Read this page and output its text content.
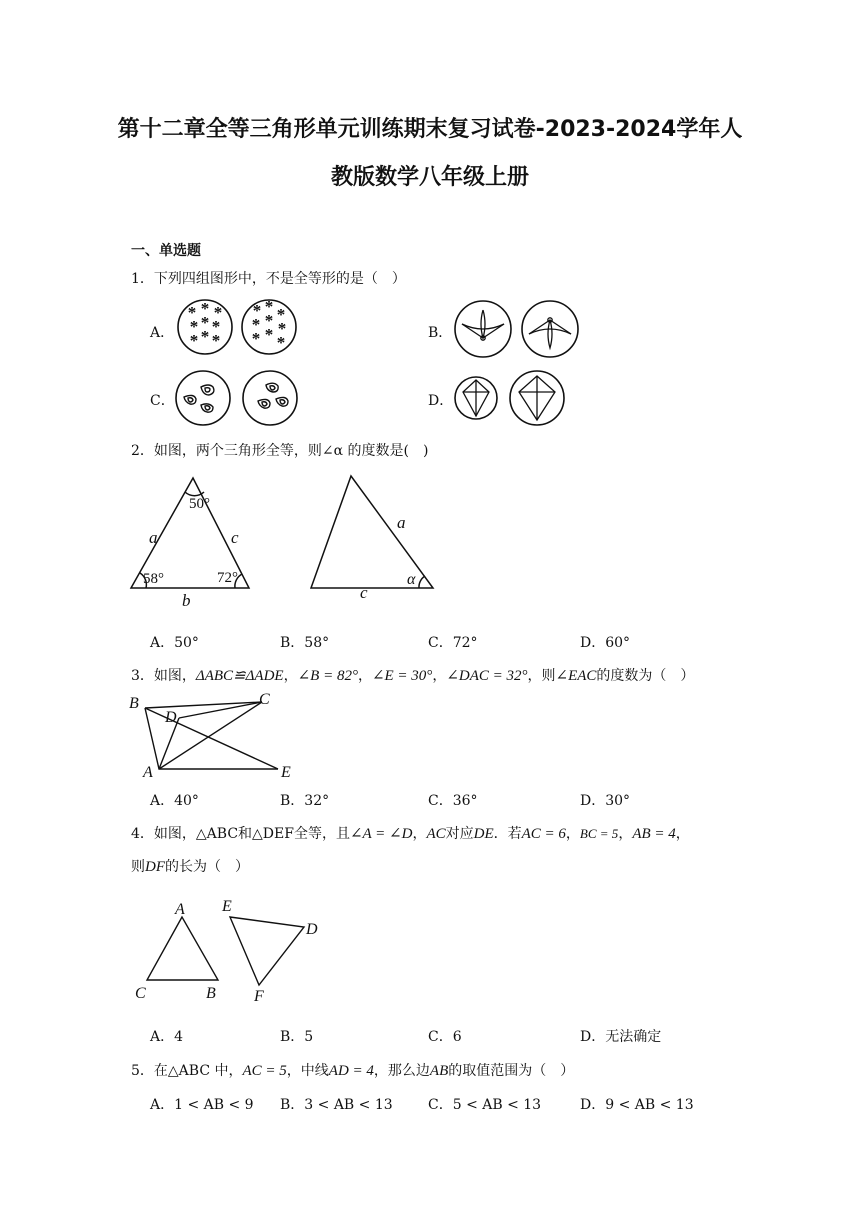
第十二章全等三角形单元训练期末复习试卷-2023-2024学年人
教版数学八年级上册
一、单选题
1．下列四组图形中，不是全等形的是（　）
A．	B．
C．	D．
* * *
* *
*
* *
*
* * *
* * *
* * *
2．如图，两个三角形全等，则∠α 的度数是(　)
50°
58°	72°
a
b
c
a
c
α
A．50°	B．58°	C．72°	D．60°
3．如图，ΔABC≌ΔADE，∠B = 82°，∠E = 30°，∠DAC = 32°，则∠EAC的度数为（　）
B	C
D
A	E
A．40°	B．32°	C．36°	D．30°
4．如图，△ABC和△DEF全等，且∠A = ∠D，AC对应DE．若AC = 6，BC = 5，AB = 4，
则DF的长为（　）
A
C	B
E
D
F
A．4	B．5	C．6	D．无法确定
5．在△ABC 中，AC = 5，中线AD = 4，那么边AB的取值范围为（　）
A．1 < AB < 9 B．3 < AB < 13	C．5 < AB < 13	D．9 < AB < 13
